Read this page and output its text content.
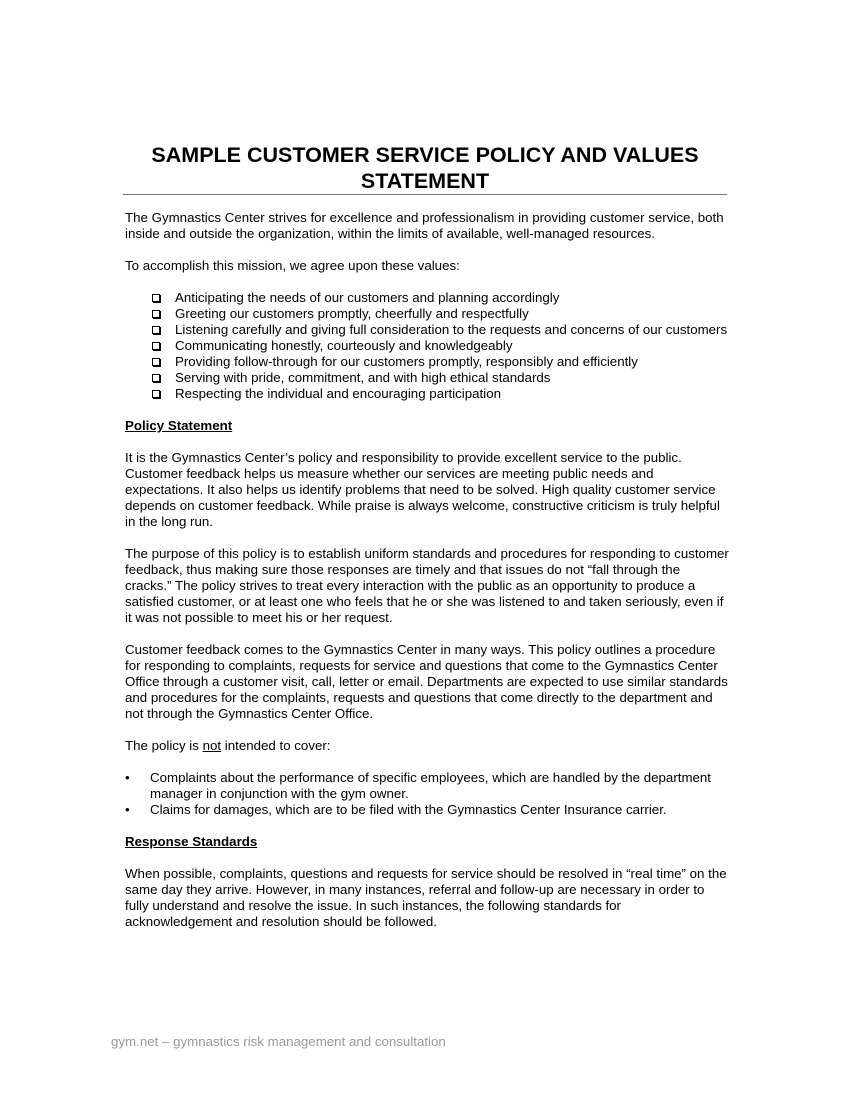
SAMPLE CUSTOMER SERVICE POLICY AND VALUES
STATEMENT

The Gymnastics Center strives for excellence and professionalism in providing customer service, both inside and outside the organization, within the limits of available, well-managed resources.

To accomplish this mission, we agree upon these values:

Anticipating the needs of our customers and planning accordingly
Greeting our customers promptly, cheerfully and respectfully
Listening carefully and giving full consideration to the requests and concerns of our customers
Communicating honestly, courteously and knowledgeably
Providing follow-through for our customers promptly, responsibly and efficiently
Serving with pride, commitment, and with high ethical standards
Respecting the individual and encouraging participation

Policy Statement

It is the Gymnastics Center’s policy and responsibility to provide excellent service to the public. Customer feedback helps us measure whether our services are meeting public needs and expectations. It also helps us identify problems that need to be solved. High quality customer service depends on customer feedback. While praise is always welcome, constructive criticism is truly helpful in the long run.

The purpose of this policy is to establish uniform standards and procedures for responding to customer feedback, thus making sure those responses are timely and that issues do not “fall through the cracks.” The policy strives to treat every interaction with the public as an opportunity to produce a satisfied customer, or at least one who feels that he or she was listened to and taken seriously, even if it was not possible to meet his or her request.

Customer feedback comes to the Gymnastics Center in many ways. This policy outlines a procedure for responding to complaints, requests for service and questions that come to the Gymnastics Center Office through a customer visit, call, letter or email. Departments are expected to use similar standards and procedures for the complaints, requests and questions that come directly to the department and not through the Gymnastics Center Office.

The policy is not intended to cover:

• Complaints about the performance of specific employees, which are handled by the department manager in conjunction with the gym owner.
• Claims for damages, which are to be filed with the Gymnastics Center Insurance carrier.

Response Standards

When possible, complaints, questions and requests for service should be resolved in “real time” on the same day they arrive. However, in many instances, referral and follow-up are necessary in order to fully understand and resolve the issue. In such instances, the following standards for acknowledgement and resolution should be followed.

gym.net – gymnastics risk management and consultation
